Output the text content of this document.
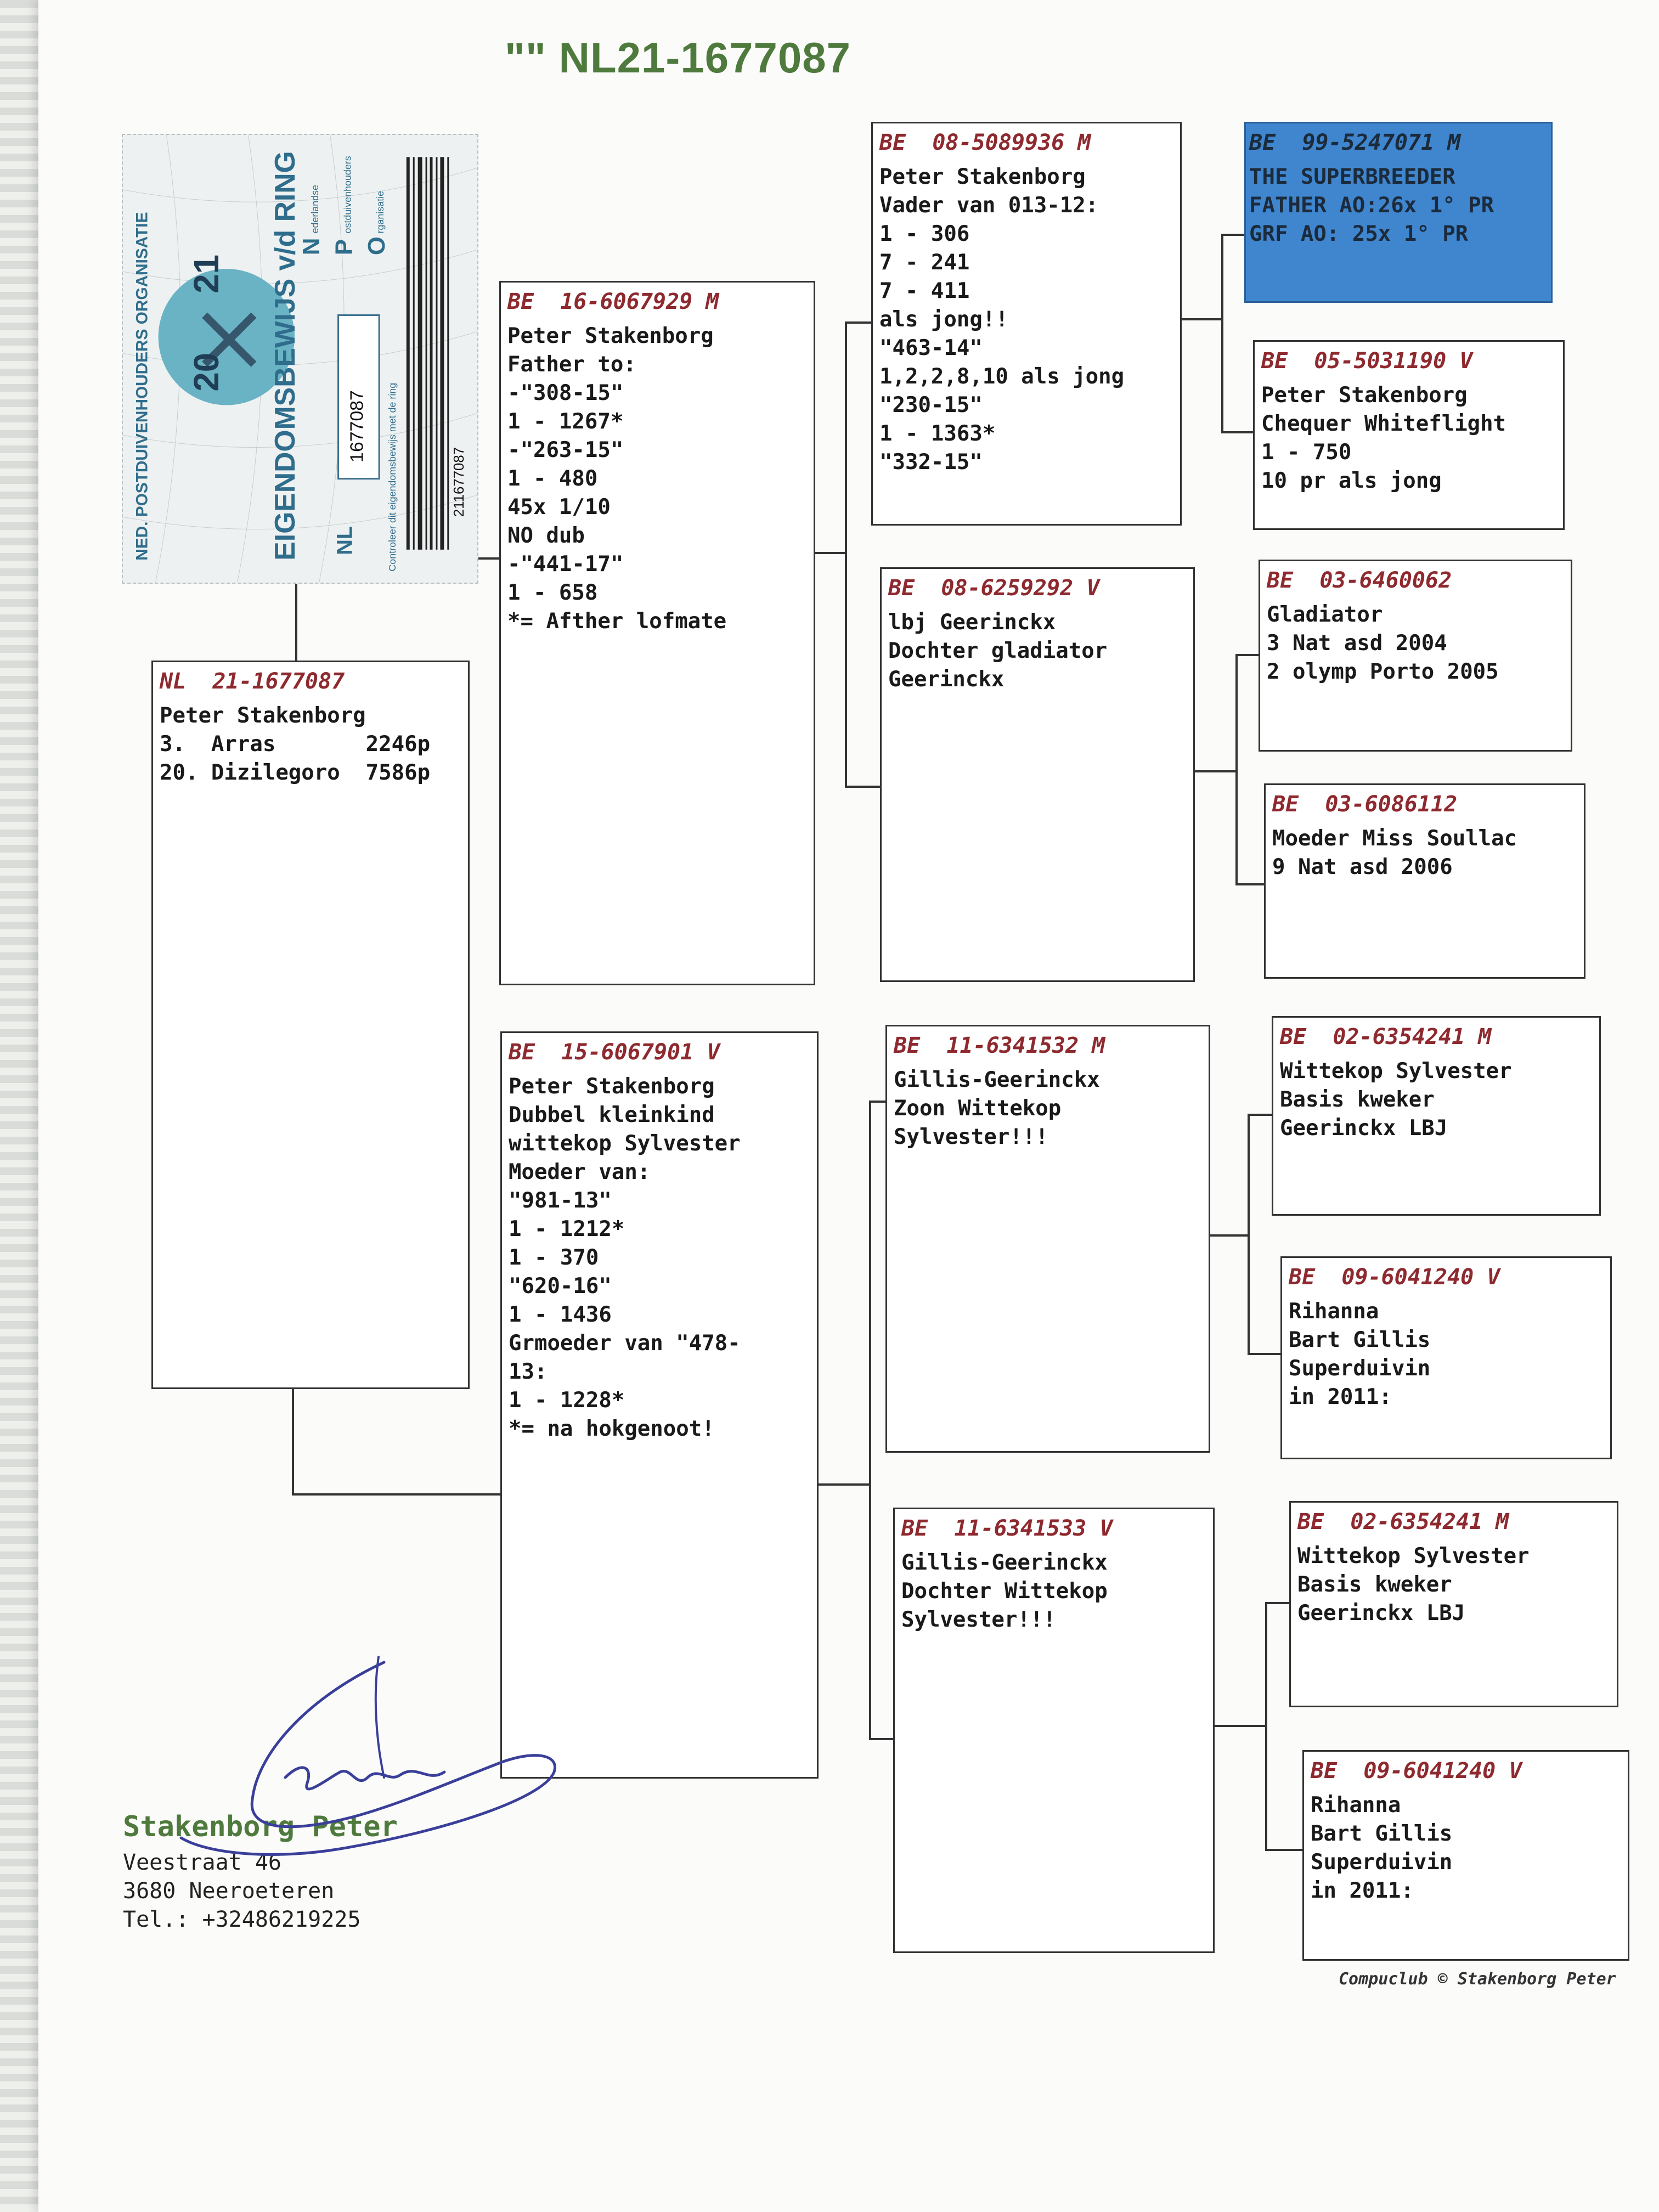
"" NL21-1677087
NED. POSTDUIVENHOUDERS ORGANISATIE	EIGENDOMSBEWIJS v/d RING
20
21
NL
1677087
211677087
N P O
ederlandse ostduivenhouders rganisatie
Controleer dit eigendomsbewijs met de ring
NL  21-1677087
Peter Stakenborg
3.  Arras       2246p
20. Dizilegoro  7586p
BE  16-6067929 M
Peter Stakenborg
Father to:
-"308-15"
1 - 1267*
-"263-15"
1 - 480
45x 1/10
NO dub
-"441-17"
1 - 658
*= Afther lofmate
BE  15-6067901 V
Peter Stakenborg
Dubbel kleinkind
wittekop Sylvester
Moeder van:
"981-13"
1 - 1212*
1 - 370
"620-16"
1 - 1436
Grmoeder van "478-
13:
1 - 1228*
*= na hokgenoot!
BE  08-5089936 M
Peter Stakenborg
Vader van 013-12:
1 - 306
7 - 241
7 - 411
als jong!!
"463-14"
1,2,2,8,10 als jong
"230-15"
1 - 1363*
"332-15"
BE  08-6259292 V
lbj Geerinckx
Dochter gladiator
Geerinckx
BE  11-6341532 M
Gillis-Geerinckx
Zoon Wittekop
Sylvester!!!
BE  11-6341533 V
Gillis-Geerinckx
Dochter Wittekop
Sylvester!!!
BE  99-5247071 M
THE SUPERBREEDER
FATHER AO:26x 1° PR
GRF AO: 25x 1° PR
BE  05-5031190 V
Peter Stakenborg
Chequer Whiteflight
1 - 750
10 pr als jong
BE  03-6460062
Gladiator
3 Nat asd 2004
2 olymp Porto 2005
BE  03-6086112
Moeder Miss Soullac
9 Nat asd 2006
BE  02-6354241 M
Wittekop Sylvester
Basis kweker
Geerinckx LBJ
BE  09-6041240 V
Rihanna
Bart Gillis
Superduivin
in 2011:
BE  02-6354241 M
Wittekop Sylvester
Basis kweker
Geerinckx LBJ
BE  09-6041240 V
Rihanna
Bart Gillis
Superduivin
in 2011:
Stakenborg Peter
Veestraat 46
3680 Neeroeteren
Tel.: +32486219225
Compuclub © Stakenborg Peter
